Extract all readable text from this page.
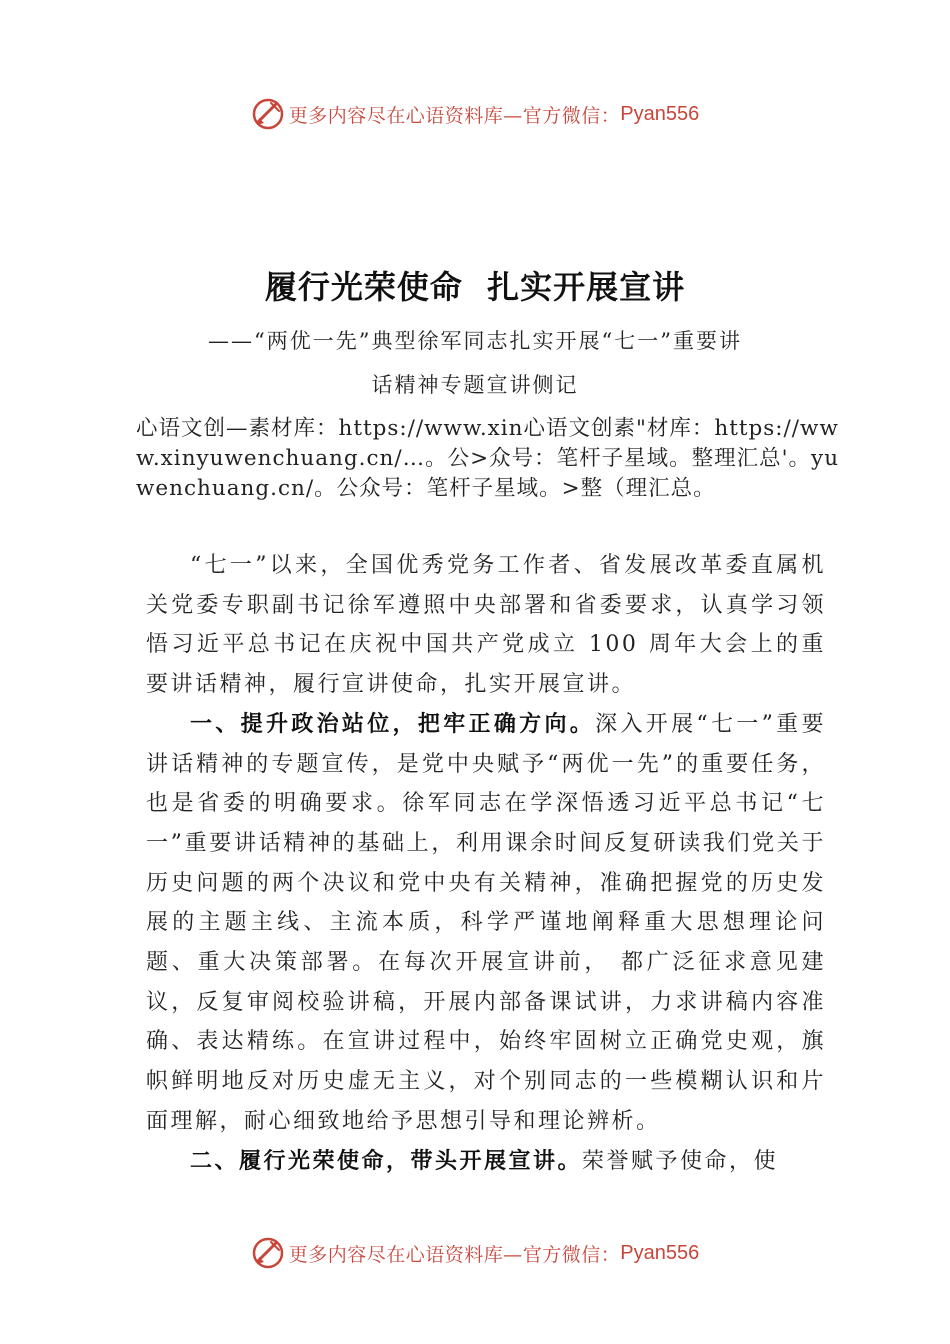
更多内容尽在心语资料库—官方微信： Pyan556
履行光荣使命  扎实开展宣讲
——“两优一先”典型徐军同志扎实开展“七一”重要讲
话精神专题宣讲侧记
心语文创—素材库：https://www.xin心语文创素"材库：https://www.xinyuwenchuang.cn/…。公>众号：笔杆子星域。整理汇总'。yuwenchuang.cn/。公众号：笔杆子星域。>整（理汇总。

“七一”以来，全国优秀党务工作者、省发展改革委直属机关党委专职副书记徐军遵照中央部署和省委要求，认真学习领悟习近平总书记在庆祝中国共产党成立 100 周年大会上的重要讲话精神，履行宣讲使命，扎实开展宣讲。

一、提升政治站位，把牢正确方向。深入开展“七一”重要讲话精神的专题宣传，是党中央赋予“两优一先”的重要任务，也是省委的明确要求。徐军同志在学深悟透习近平总书记“七一”重要讲话精神的基础上，利用课余时间反复研读我们党关于历史问题的两个决议和党中央有关精神，准确把握党的历史发展的主题主线、主流本质，科学严谨地阐释重大思想理论问题、重大决策部署。在每次开展宣讲前， 都广泛征求意见建议，反复审阅校验讲稿，开展内部备课试讲，力求讲稿内容准确、表达精练。在宣讲过程中，始终牢固树立正确党史观，旗帜鲜明地反对历史虚无主义，对个别同志的一些模糊认识和片面理解，耐心细致地给予思想引导和理论辨析。

二、履行光荣使命，带头开展宣讲。荣誉赋予使命，使

更多内容尽在心语资料库—官方微信： Pyan556
